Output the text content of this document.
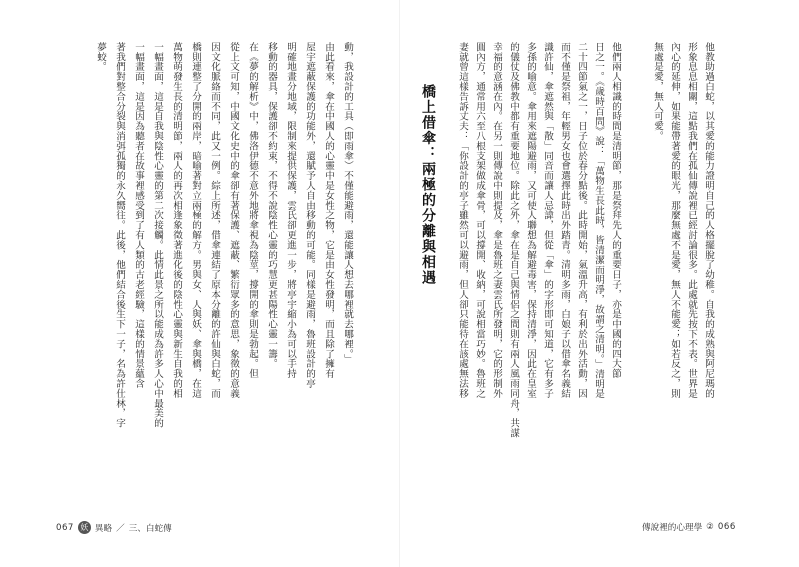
他教助過白蛇，以其愛的能力證明自己的人格擺脫了幼稚。自我的成熟與阿尼瑪的
形象息息相關，這點我們在孤仙傳說裡已經討論很多。此處就先按下不表。世界是
內心的延伸，如果能帶著愛的眼光，那麼無處不是愛，無人不能愛；如若反之，則
無處是愛，無人可愛。
他們兩人相識的時間是清明節，那是祭拜先人的重要日子，亦是中國的四大節
日之一。《歲時百問》說：「萬物生長此時，皆清潔而明淨，故謂之清明。」清明是
二十四節氣之一，日子位於春分點後。此時開始，氣溫升高，有利於出外活動，因
而不僅是祭祖，年輕男女也會選擇此時出外踏青。清明多雨，白娘子以借傘名義結
識許仙，傘遮然與「散」同音而讓人忌諱，但從「傘」的字形即可知道，它有多子
多孫的喻意。傘用來遮陽避雨，又可使人聯想為解避毒害，保持清淨，因此在皇室
的儀仗及佛教中都有重要地位。除此之外，傘在是自己與情侶之間則有兩人風雨同舟，共謀
幸福的意涵在內。在另一則傳說中則提及，傘是魯班之妻雲氏所發明，它的形制外
圓內方，通常用六至八根支架做成傘骨，可以撐開、收納，可說相當巧妙。魯班之
妻就曾這樣告訴丈夫：「你設計的亭子雖然可以避雨，但人卻只能待在該處無法移
橋上借傘：兩極的分離與相遇
動，我設計的工具（即雨傘）不僅能避雨，還能讓人想去哪裡就去哪裡。」
由此看來，傘在中國人的心靈中是女性之物，它是由女性發明，而且除了擁有
屋宇遮蔽保護的功能外，還賦予人自由移動的可能。同樣是避雨，魯班設計的亭
明確地畫分地域，限制來提供保護，雲氏卻更進一步，將亭宇縮小為可以手持
移動的器具，保護卻不約束，不得不說陰性心靈的巧慧更甚陽性心靈一籌。
在《夢的解析》中，佛洛伊德不意外地將傘視為陰莖，撐開的傘則是勃起。但
從上文可知，中國文化史中的傘卻有著保護、遮蔽、繁衍眾多的意思，象徵的意義
因文化脈絡而不同，此又一例。綜上所述，借傘連結了原本分離的許仙與白蛇，而
橋則連整了分開的兩岸，暗喻著對立兩極的解方。男與女、人與妖、傘與橋，在這
萬物萌發生長的清明節，兩人的再次相逢象徵著進化後的陰性心靈與新生自我的相
一幅畫面，這是自我與陰性心靈的第二次接觸。此情此景之所以能成為許多人心中最美的
一幅畫面，這是因為聽者在故事裡感受到了有人類的古老經驗，這樣的情景蘊含
著我們對整合分裂與消弭孤獨的永久嚮往。此後，他們結合後生下一子，名為許仕林，字
夢蛟。
067 妖 異略 ／ 三、白蛇傳	傳說裡的心理學 ② 066
